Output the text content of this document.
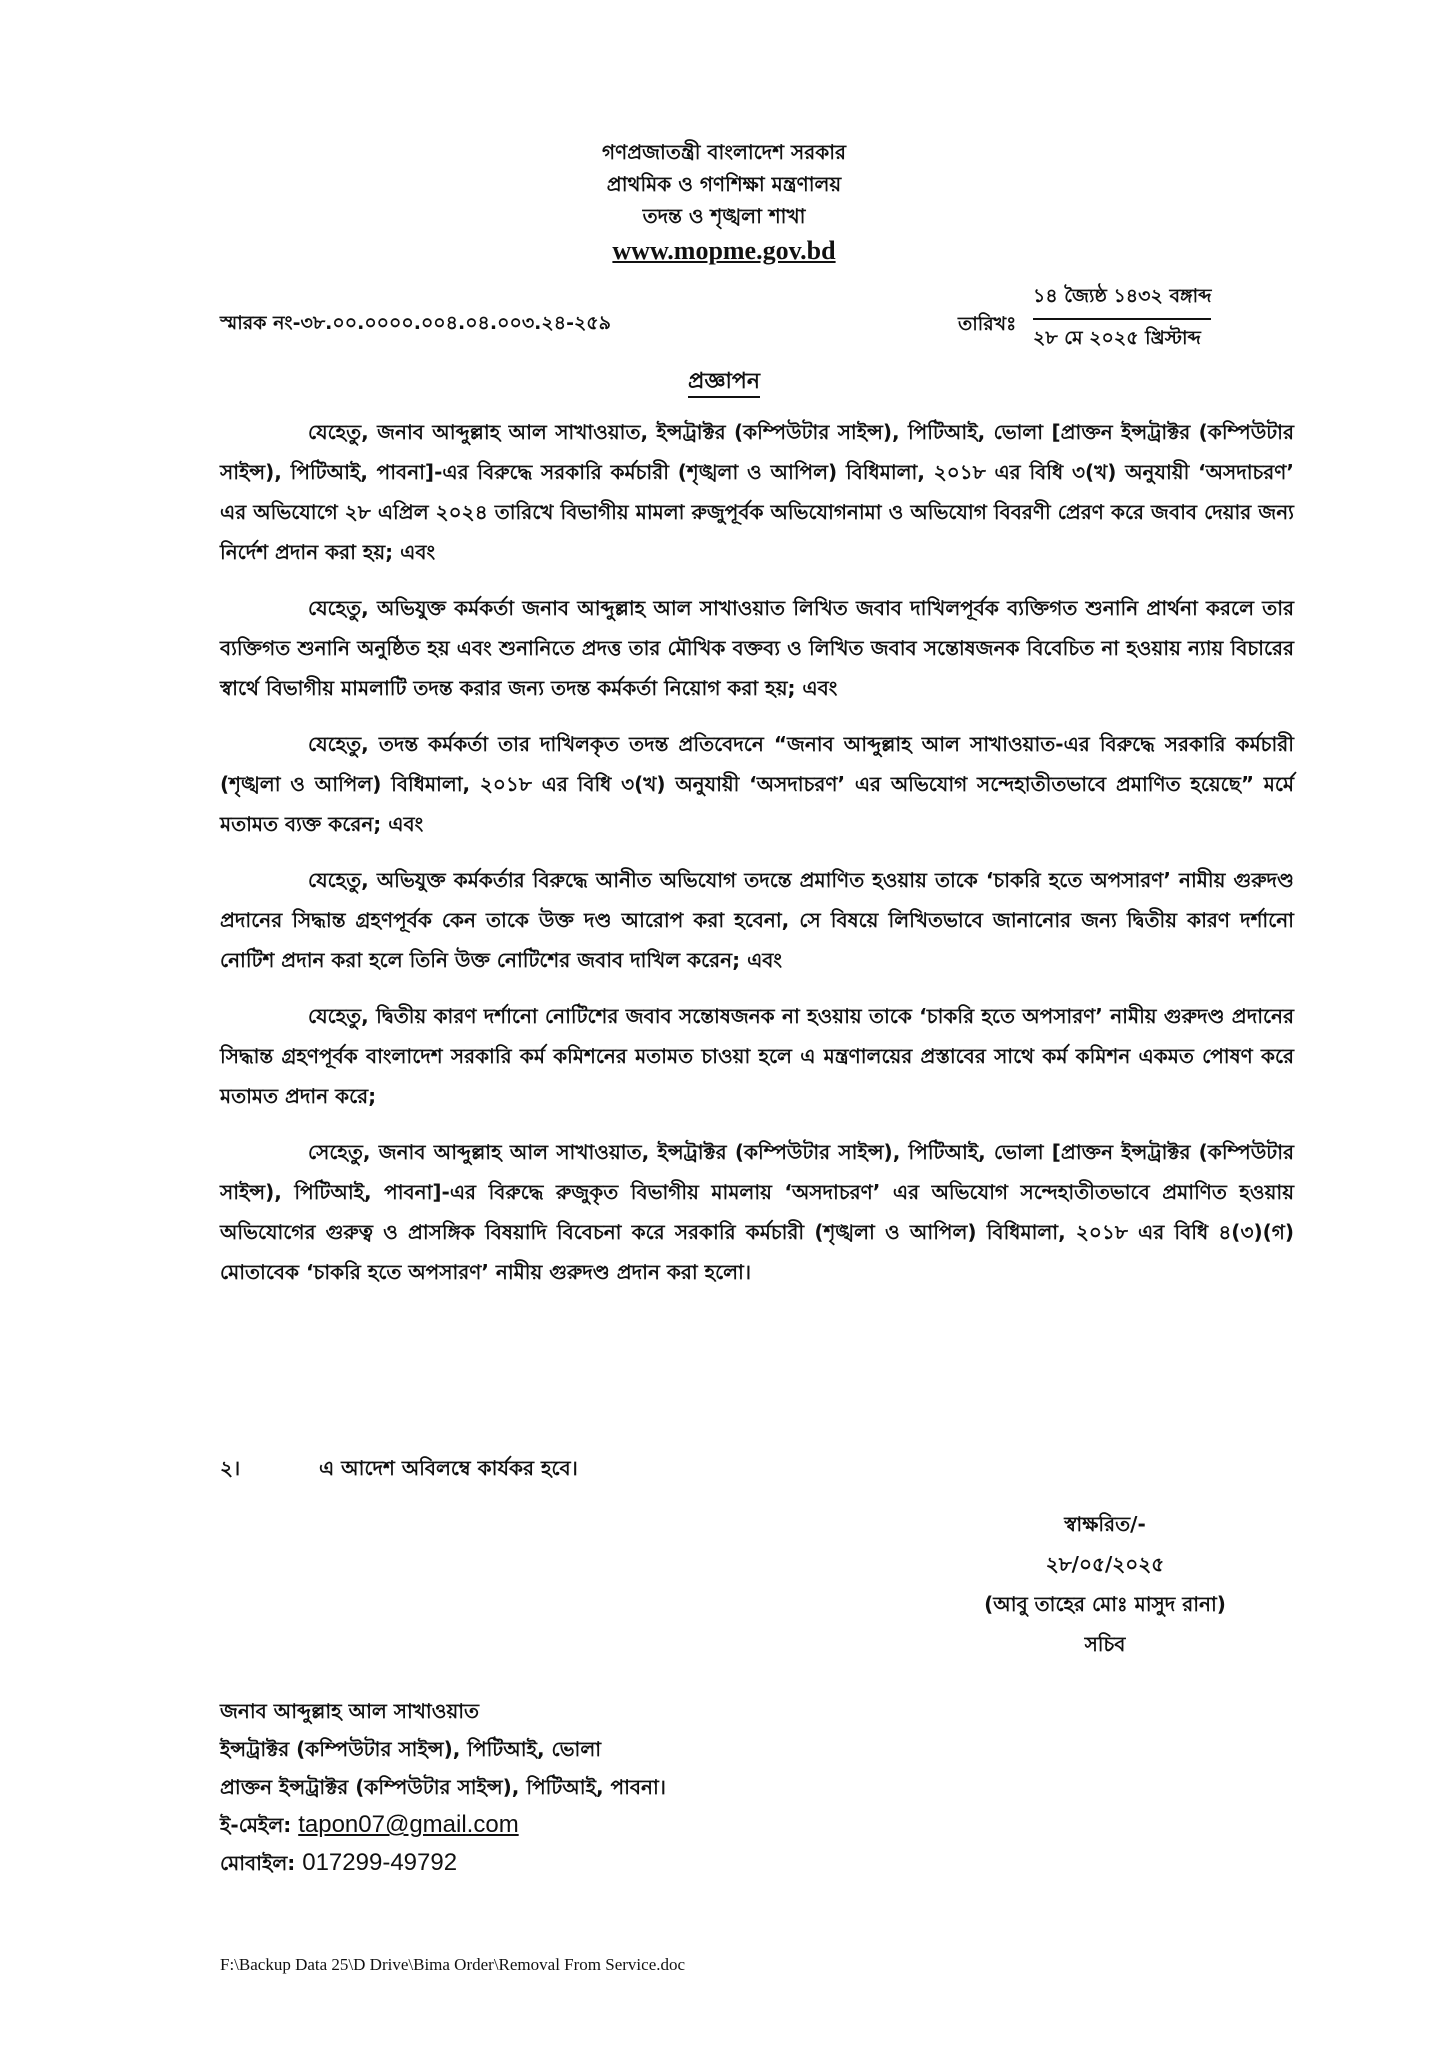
গণপ্রজাতন্ত্রী বাংলাদেশ সরকার
প্রাথমিক ও গণশিক্ষা মন্ত্রণালয়
তদন্ত ও শৃঙ্খলা শাখা
www.mopme.gov.bd
স্মারক নং-৩৮.০০.০০০০.০০৪.০৪.০০৩.২৪-২৫৯	তারিখঃ
১৪ জ্যৈষ্ঠ ১৪৩২ বঙ্গাব্দ
২৮ মে ২০২৫ খ্রিস্টাব্দ
প্রজ্ঞাপন

যেহেতু, জনাব আব্দুল্লাহ আল সাখাওয়াত, ইন্সট্রাক্টর (কম্পিউটার সাইন্স), পিটিআই, ভোলা [প্রাক্তন ইন্সট্রাক্টর (কম্পিউটার সাইন্স), পিটিআই, পাবনা]-এর বিরুদ্ধে সরকারি কর্মচারী (শৃঙ্খলা ও আপিল) বিধিমালা, ২০১৮ এর বিধি ৩(খ) অনুযায়ী ‘অসদাচরণ’ এর অভিযোগে ২৮ এপ্রিল ২০২৪ তারিখে বিভাগীয় মামলা রুজুপূর্বক অভিযোগনামা ও অভিযোগ বিবরণী প্রেরণ করে জবাব দেয়ার জন্য নির্দেশ প্রদান করা হয়; এবং

যেহেতু, অভিযুক্ত কর্মকর্তা জনাব আব্দুল্লাহ আল সাখাওয়াত লিখিত জবাব দাখিলপূর্বক ব্যক্তিগত শুনানি প্রার্থনা করলে তার ব্যক্তিগত শুনানি অনুষ্ঠিত হয় এবং শুনানিতে প্রদত্ত তার মৌখিক বক্তব্য ও লিখিত জবাব সন্তোষজনক বিবেচিত না হওয়ায় ন্যায় বিচারের স্বার্থে বিভাগীয় মামলাটি তদন্ত করার জন্য তদন্ত কর্মকর্তা নিয়োগ করা হয়; এবং

যেহেতু, তদন্ত কর্মকর্তা তার দাখিলকৃত তদন্ত প্রতিবেদনে “জনাব আব্দুল্লাহ আল সাখাওয়াত-এর বিরুদ্ধে সরকারি কর্মচারী (শৃঙ্খলা ও আপিল) বিধিমালা, ২০১৮ এর বিধি ৩(খ) অনুযায়ী ‘অসদাচরণ’ এর অভিযোগ সন্দেহাতীতভাবে প্রমাণিত হয়েছে” মর্মে মতামত ব্যক্ত করেন; এবং

যেহেতু, অভিযুক্ত কর্মকর্তার বিরুদ্ধে আনীত অভিযোগ তদন্তে প্রমাণিত হওয়ায় তাকে ‘চাকরি হতে অপসারণ’ নামীয় গুরুদণ্ড প্রদানের সিদ্ধান্ত গ্রহণপূর্বক কেন তাকে উক্ত দণ্ড আরোপ করা হবেনা, সে বিষয়ে লিখিতভাবে জানানোর জন্য দ্বিতীয় কারণ দর্শানো নোটিশ প্রদান করা হলে তিনি উক্ত নোটিশের জবাব দাখিল করেন; এবং

যেহেতু, দ্বিতীয় কারণ দর্শানো নোটিশের জবাব সন্তোষজনক না হওয়ায় তাকে ‘চাকরি হতে অপসারণ’ নামীয় গুরুদণ্ড প্রদানের সিদ্ধান্ত গ্রহণপূর্বক বাংলাদেশ সরকারি কর্ম কমিশনের মতামত চাওয়া হলে এ মন্ত্রণালয়ের প্রস্তাবের সাথে কর্ম কমিশন একমত পোষণ করে মতামত প্রদান করে;

সেহেতু, জনাব আব্দুল্লাহ আল সাখাওয়াত, ইন্সট্রাক্টর (কম্পিউটার সাইন্স), পিটিআই, ভোলা [প্রাক্তন ইন্সট্রাক্টর (কম্পিউটার সাইন্স), পিটিআই, পাবনা]-এর বিরুদ্ধে রুজুকৃত বিভাগীয় মামলায় ‘অসদাচরণ’ এর অভিযোগ সন্দেহাতীতভাবে প্রমাণিত হওয়ায় অভিযোগের গুরুত্ব ও প্রাসঙ্গিক বিষয়াদি বিবেচনা করে সরকারি কর্মচারী (শৃঙ্খলা ও আপিল) বিধিমালা, ২০১৮ এর বিধি ৪(৩)(গ) মোতাবেক ‘চাকরি হতে অপসারণ’ নামীয় গুরুদণ্ড প্রদান করা হলো।

২।	এ আদেশ অবিলম্বে কার্যকর হবে।
স্বাক্ষরিত/-
২৮/০৫/২০২৫
(আবু তাহের মোঃ মাসুদ রানা)
সচিব
জনাব আব্দুল্লাহ আল সাখাওয়াত
ইন্সট্রাক্টর (কম্পিউটার সাইন্স), পিটিআই, ভোলা
প্রাক্তন ইন্সট্রাক্টর (কম্পিউটার সাইন্স), পিটিআই, পাবনা।
ই-মেইল: tapon07@gmail.com
মোবাইল: 017299-49792
F:\Backup Data 25\D Drive\Bima Order\Removal From Service.doc
